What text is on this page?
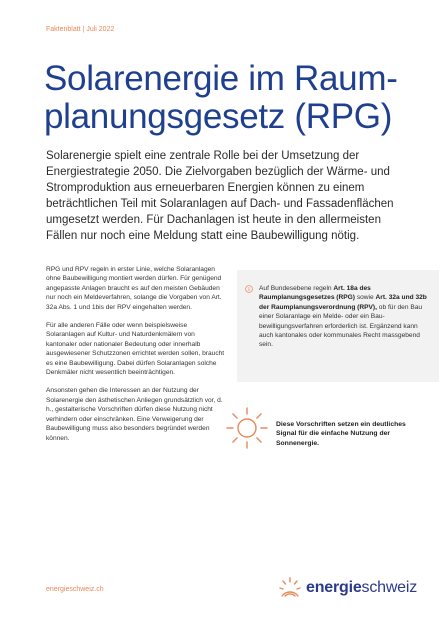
Faktenblatt | Juli 2022
Solarenergie im Raum-
planungsgesetz (RPG)

Solarenergie spielt eine zentrale Rolle bei der Umsetzung der Energiestrategie 2050. Die Zielvorgaben bezüglich der Wärme- und Stromproduktion aus erneuerbaren Energien können zu einem beträchtlichen Teil mit Solaranlagen auf Dach- und Fassadenflächen umgesetzt werden. Für Dachanlagen ist heute in den allermeisten Fällen nur noch eine Meldung statt eine Baubewilligung nötig.

RPG und RPV regeln in erster Linie, welche Solaranlagen ohne Baubewilligung montiert werden dürfen. Für genügend angepasste Anlagen braucht es auf den meisten Gebäuden nur noch ein Meldeverfahren, solange die Vorgaben von Art. 32a Abs. 1 und 1bis der RPV eingehalten werden.

Für alle anderen Fälle oder wenn beispielsweise Solaranlagen auf Kultur- und Naturdenkmälern von kantonaler oder nationaler Bedeutung oder innerhalb ausgewiesener Schutzzonen errichtet werden sollen, braucht es eine Baubewilligung. Dabei dürfen Solaranlagen solche Denkmäler nicht wesentlich beeinträchtigen.

Ansonsten gehen die Interessen an der Nutzung der Solarenergie den ästhetischen Anliegen grundsätzlich vor, d. h., gestalterische Vorschriften dürfen diese Nutzung nicht verhindern oder einschränken. Eine Verweigerung der Baubewilligung muss also besonders begründet werden können.

Auf Bundesebene regeln Art. 18a des Raumplanungsgesetzes (RPG) sowie Art. 32a und 32b der Raumplanungsverordnung (RPV), ob für den Bau einer Solaranlage ein Melde- oder ein Baubewilligungsverfahren erforderlich ist. Ergänzend kann auch kantonales oder kommunales Recht massgebend sein.
Diese Vorschriften setzen ein deutliches Signal für die einfache Nutzung der Sonnenergie.
energieschweiz.ch	energieschweiz
